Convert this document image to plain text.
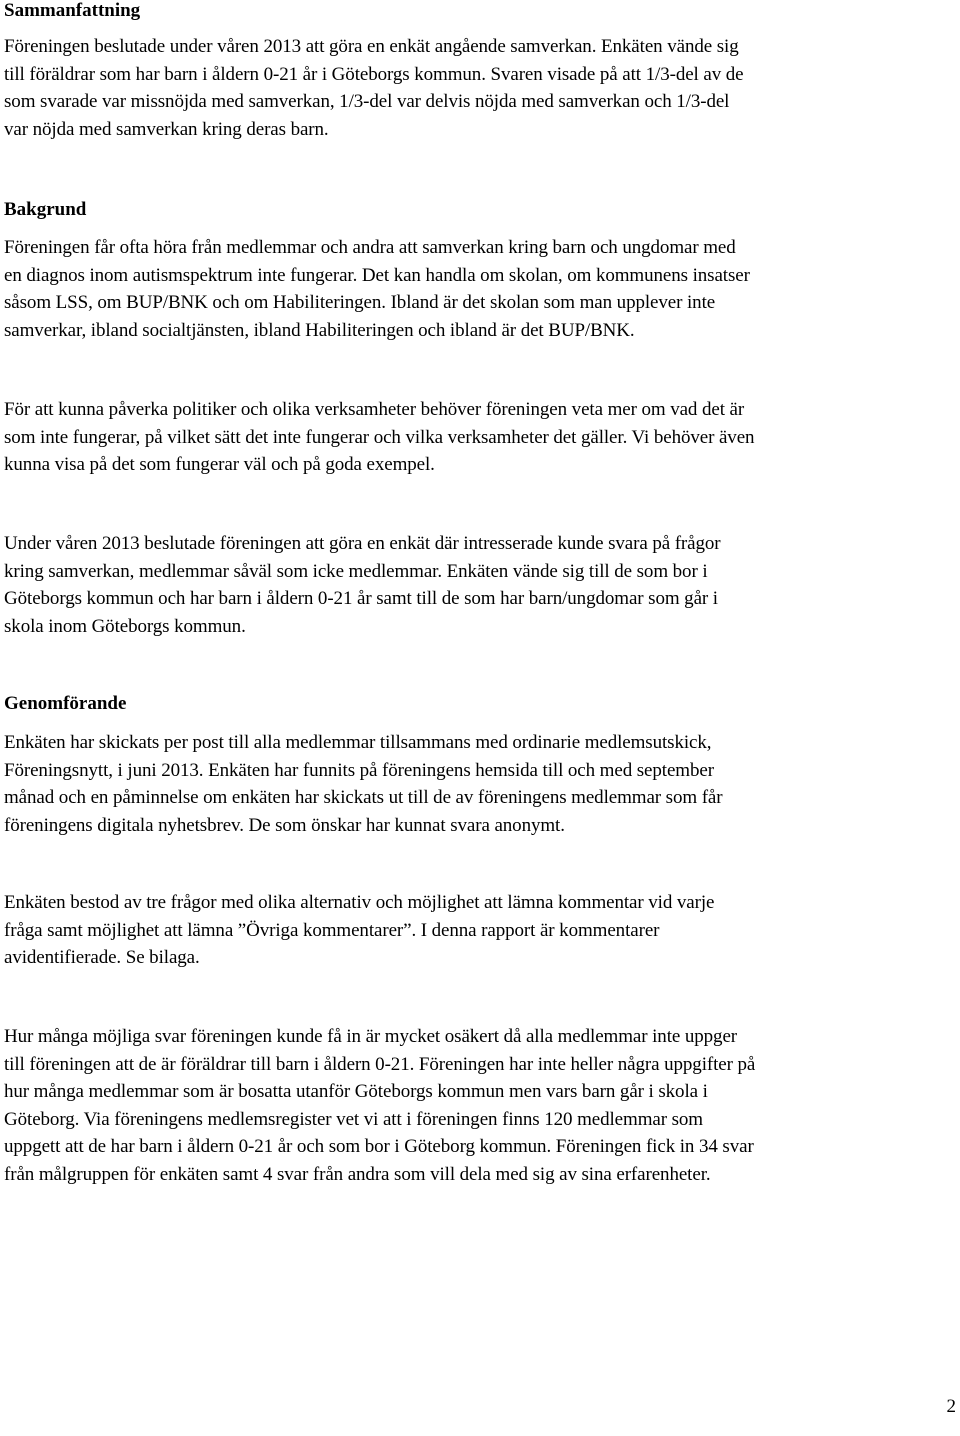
Sammanfattning
Föreningen beslutade under våren 2013 att göra en enkät angående samverkan. Enkäten vände sig
till föräldrar som har barn i åldern 0-21 år i Göteborgs kommun. Svaren visade på att 1/3-del av de
som svarade var missnöjda med samverkan, 1/3-del var delvis nöjda med samverkan och 1/3-del
var nöjda med samverkan kring deras barn.
Bakgrund
Föreningen får ofta höra från medlemmar och andra att samverkan kring barn och ungdomar med
en diagnos inom autismspektrum inte fungerar. Det kan handla om skolan, om kommunens insatser
såsom LSS, om BUP/BNK och om Habiliteringen. Ibland är det skolan som man upplever inte
samverkar, ibland socialtjänsten, ibland Habiliteringen och ibland är det BUP/BNK.
För att kunna påverka politiker och olika verksamheter behöver föreningen veta mer om vad det är
som inte fungerar, på vilket sätt det inte fungerar och vilka verksamheter det gäller. Vi behöver även
kunna visa på det som fungerar väl och på goda exempel.
Under våren 2013 beslutade föreningen att göra en enkät där intresserade kunde svara på frågor
kring samverkan, medlemmar såväl som icke medlemmar. Enkäten vände sig till de som bor i
Göteborgs kommun och har barn i åldern 0-21 år samt till de som har barn/ungdomar som går i
skola inom Göteborgs kommun.
Genomförande
Enkäten har skickats per post till alla medlemmar tillsammans med ordinarie medlemsutskick,
Föreningsnytt, i juni 2013. Enkäten har funnits på föreningens hemsida till och med september
månad och en påminnelse om enkäten har skickats ut till de av föreningens medlemmar som får
föreningens digitala nyhetsbrev. De som önskar har kunnat svara anonymt.
Enkäten bestod av tre frågor med olika alternativ och möjlighet att lämna kommentar vid varje
fråga samt möjlighet att lämna ”Övriga kommentarer”. I denna rapport är kommentarer
avidentifierade. Se bilaga.
Hur många möjliga svar föreningen kunde få in är mycket osäkert då alla medlemmar inte uppger
till föreningen att de är föräldrar till barn i åldern 0-21. Föreningen har inte heller några uppgifter på
hur många medlemmar som är bosatta utanför Göteborgs kommun men vars barn går i skola i
Göteborg. Via föreningens medlemsregister vet vi att i föreningen finns 120 medlemmar som
uppgett att de har barn i åldern 0-21 år och som bor i Göteborg kommun. Föreningen fick in 34 svar
från målgruppen för enkäten samt 4 svar från andra som vill dela med sig av sina erfarenheter.
2
